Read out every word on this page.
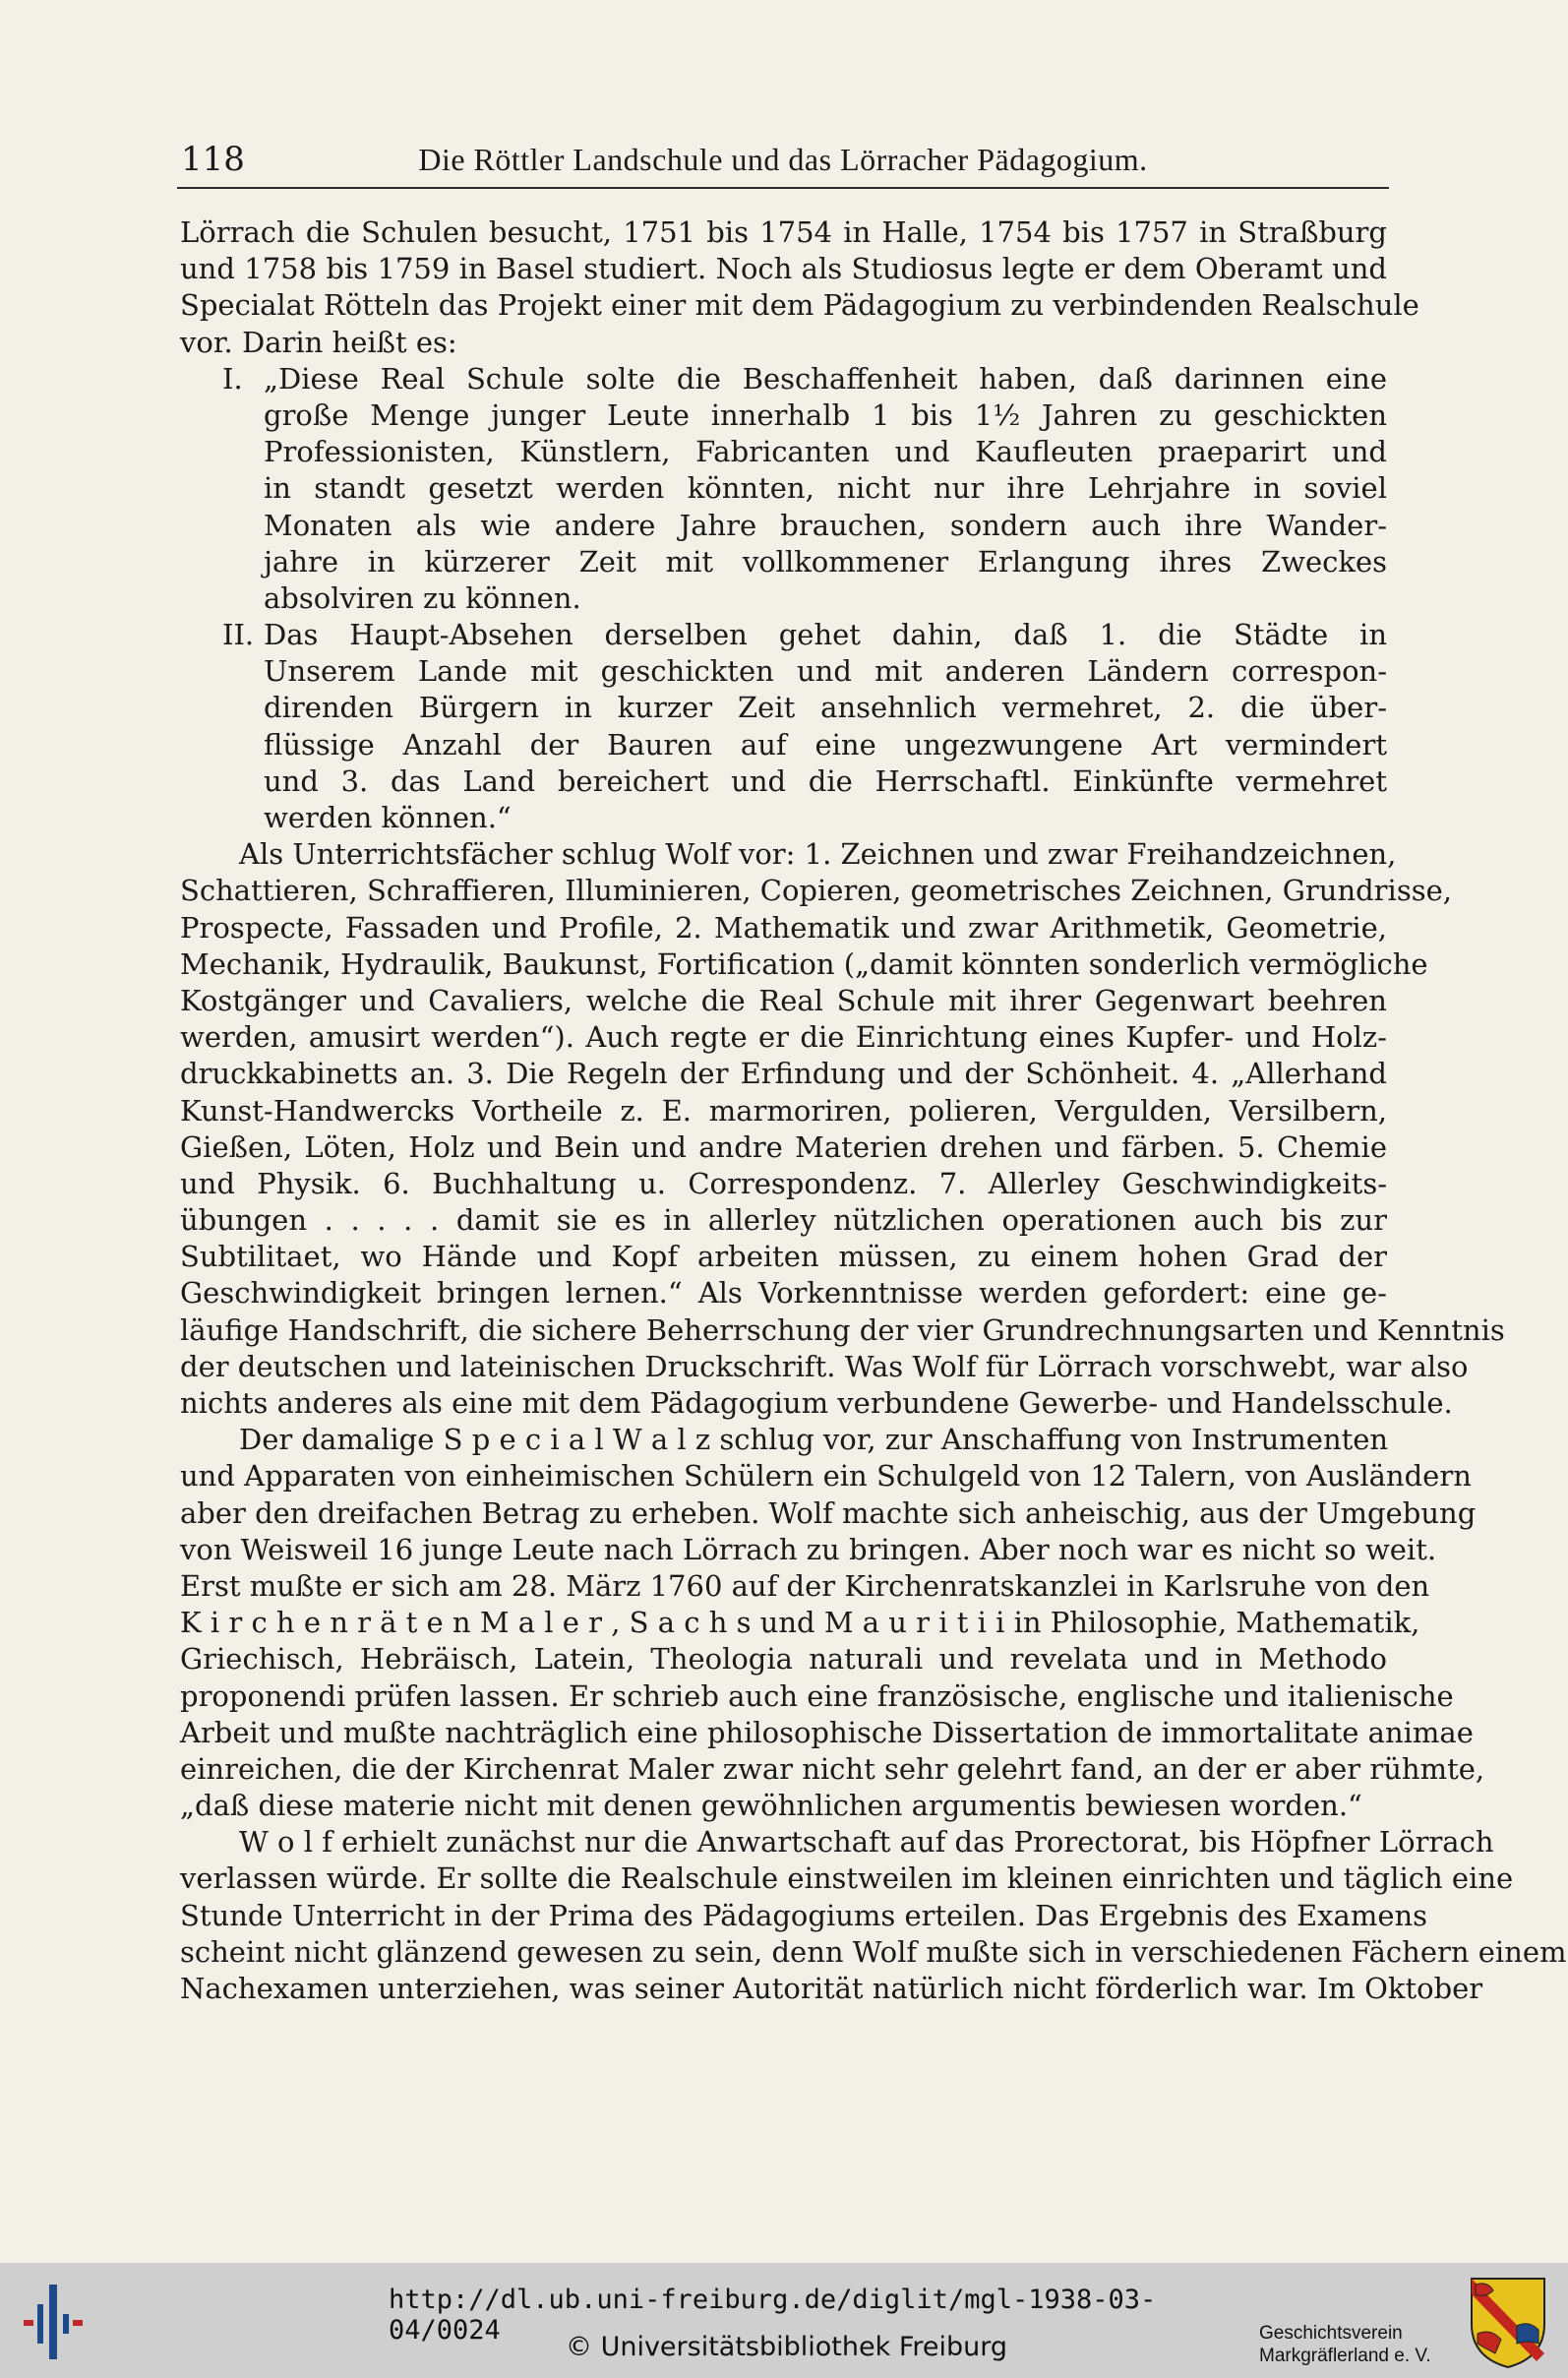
118	Die Röttler Landschule und das Lörracher Pädagogium.
Lörrach die Schulen besucht, 1751 bis 1754 in Halle, 1754 bis 1757 in Straßburg
und 1758 bis 1759 in Basel studiert. Noch als Studiosus legte er dem Oberamt und
Specialat Rötteln das Projekt einer mit dem Pädagogium zu verbindenden Realschule
vor. Darin heißt es:
I. „Diese Real Schule solte die Beschaffenheit haben, daß darinnen eine
große Menge junger Leute innerhalb 1 bis 1½ Jahren zu geschickten
Professionisten, Künstlern, Fabricanten und Kaufleuten praeparirt und
in standt gesetzt werden könnten, nicht nur ihre Lehrjahre in soviel
Monaten als wie andere Jahre brauchen, sondern auch ihre Wander-
jahre in kürzerer Zeit mit vollkommener Erlangung ihres Zweckes
absolviren zu können.
II. Das Haupt-Absehen derselben gehet dahin, daß 1. die Städte in
Unserem Lande mit geschickten und mit anderen Ländern correspon-
direnden Bürgern in kurzer Zeit ansehnlich vermehret, 2. die über-
flüssige Anzahl der Bauren auf eine ungezwungene Art vermindert
und 3. das Land bereichert und die Herrschaftl. Einkünfte vermehret
werden können.“
Als Unterrichtsfächer schlug Wolf vor: 1. Zeichnen und zwar Freihandzeichnen,
Schattieren, Schraffieren, Illuminieren, Copieren, geometrisches Zeichnen, Grundrisse,
Prospecte, Fassaden und Profile, 2. Mathematik und zwar Arithmetik, Geometrie,
Mechanik, Hydraulik, Baukunst, Fortification („damit könnten sonderlich vermögliche
Kostgänger und Cavaliers, welche die Real Schule mit ihrer Gegenwart beehren
werden, amusirt werden“). Auch regte er die Einrichtung eines Kupfer- und Holz-
druckkabinetts an. 3. Die Regeln der Erfindung und der Schönheit. 4. „Allerhand
Kunst-Handwercks Vortheile z. E. marmoriren, polieren, Vergulden, Versilbern,
Gießen, Löten, Holz und Bein und andre Materien drehen und färben. 5. Chemie
und Physik. 6. Buchhaltung u. Correspondenz. 7. Allerley Geschwindigkeits-
übungen . . . . . damit sie es in allerley nützlichen operationen auch bis zur
Subtilitaet, wo Hände und Kopf arbeiten müssen, zu einem hohen Grad der
Geschwindigkeit bringen lernen.“ Als Vorkenntnisse werden gefordert: eine ge-
läufige Handschrift, die sichere Beherrschung der vier Grundrechnungsarten und Kenntnis
der deutschen und lateinischen Druckschrift. Was Wolf für Lörrach vorschwebt, war also
nichts anderes als eine mit dem Pädagogium verbundene Gewerbe- und Handelsschule.
Der damalige S p e c i a l W a l z schlug vor, zur Anschaffung von Instrumenten
und Apparaten von einheimischen Schülern ein Schulgeld von 12 Talern, von Ausländern
aber den dreifachen Betrag zu erheben. Wolf machte sich anheischig, aus der Umgebung
von Weisweil 16 junge Leute nach Lörrach zu bringen. Aber noch war es nicht so weit.
Erst mußte er sich am 28. März 1760 auf der Kirchenratskanzlei in Karlsruhe von den
K i r c h e n r ä t e n M a l e r , S a c h s und M a u r i t i i in Philosophie, Mathematik,
Griechisch, Hebräisch, Latein, Theologia naturali und revelata und in Methodo
proponendi prüfen lassen. Er schrieb auch eine französische, englische und italienische
Arbeit und mußte nachträglich eine philosophische Dissertation de immortalitate animae
einreichen, die der Kirchenrat Maler zwar nicht sehr gelehrt fand, an der er aber rühmte,
„daß diese materie nicht mit denen gewöhnlichen argumentis bewiesen worden.“
W o l f erhielt zunächst nur die Anwartschaft auf das Prorectorat, bis Höpfner Lörrach
verlassen würde. Er sollte die Realschule einstweilen im kleinen einrichten und täglich eine
Stunde Unterricht in der Prima des Pädagogiums erteilen. Das Ergebnis des Examens
scheint nicht glänzend gewesen zu sein, denn Wolf mußte sich in verschiedenen Fächern einem
Nachexamen unterziehen, was seiner Autorität natürlich nicht förderlich war. Im Oktober
http://dl.ub.uni-freiburg.de/diglit/mgl-1938-03-04/0024
© Universitätsbibliothek Freiburg	Geschichtsverein
Markgräflerland e. V.
